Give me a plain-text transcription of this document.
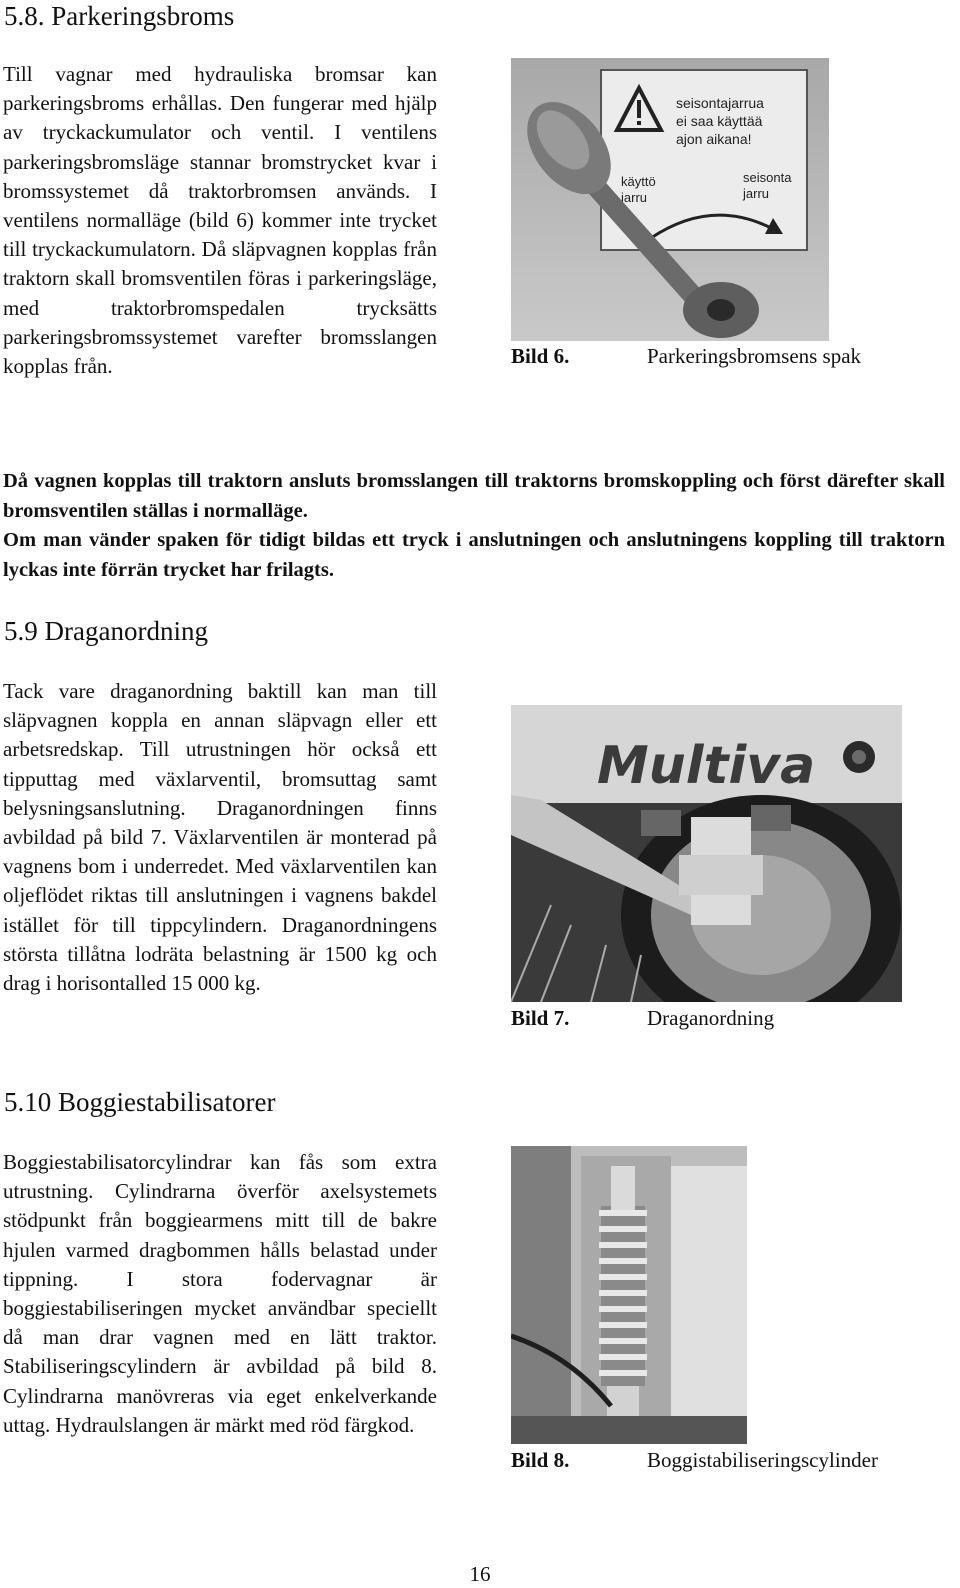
5.8. Parkeringsbroms

Till vagnar med hydrauliska bromsar kan parkeringsbroms erhållas. Den fungerar med hjälp av tryckackumulator och ventil. I ventilens parkeringsbromsläge stannar bromstrycket kvar i bromssystemet då traktorbromsen används. I ventilens normalläge (bild 6) kommer inte trycket till tryckackumulatorn. Då släpvagnen kopplas från traktorn skall bromsventilen föras i parkeringsläge, med traktorbromspedalen trycksätts parkeringsbromssystemet varefter bromsslangen kopplas från.

seisontajarrua
ei saa käyttää
ajon aikana!
käyttö
jarru
seisonta
jarru
Bild 6.	Parkeringsbromsens spak

Då vagnen kopplas till traktorn ansluts bromsslangen till traktorns bromskoppling och först därefter skall bromsventilen ställas i normalläge.

Om man vänder spaken för tidigt bildas ett tryck i anslutningen och anslutningens koppling till traktorn lyckas inte förrän trycket har frilagts.

5.9 Draganordning

Tack vare draganordning baktill kan man till släpvagnen koppla en annan släpvagn eller ett arbetsredskap. Till utrustningen hör också ett tipputtag med växlarventil, bromsuttag samt belysningsanslutning. Draganordningen finns avbildad på bild 7. Växlarventilen är monterad på vagnens bom i underredet. Med växlarventilen kan oljeflödet riktas till anslutningen i vagnens bakdel istället för till tippcylindern. Draganordningens största tillåtna lodräta belastning är 1500 kg och drag i horisontalled 15 000 kg.

Multiva
Bild 7.	Draganordning
5.10 Boggiestabilisatorer

Boggiestabilisatorcylindrar kan fås som extra utrustning. Cylindrarna överför axelsystemets stödpunkt från boggiearmens mitt till de bakre hjulen varmed dragbommen hålls belastad under tippning. I stora fodervagnar är boggiestabiliseringen mycket användbar speciellt då man drar vagnen med en lätt traktor. Stabiliseringscylindern är avbildad på bild 8. Cylindrarna manövreras via eget enkelverkande uttag. Hydraulslangen är märkt med röd färgkod.

Bild 8.	Boggistabiliseringscylinder
16
